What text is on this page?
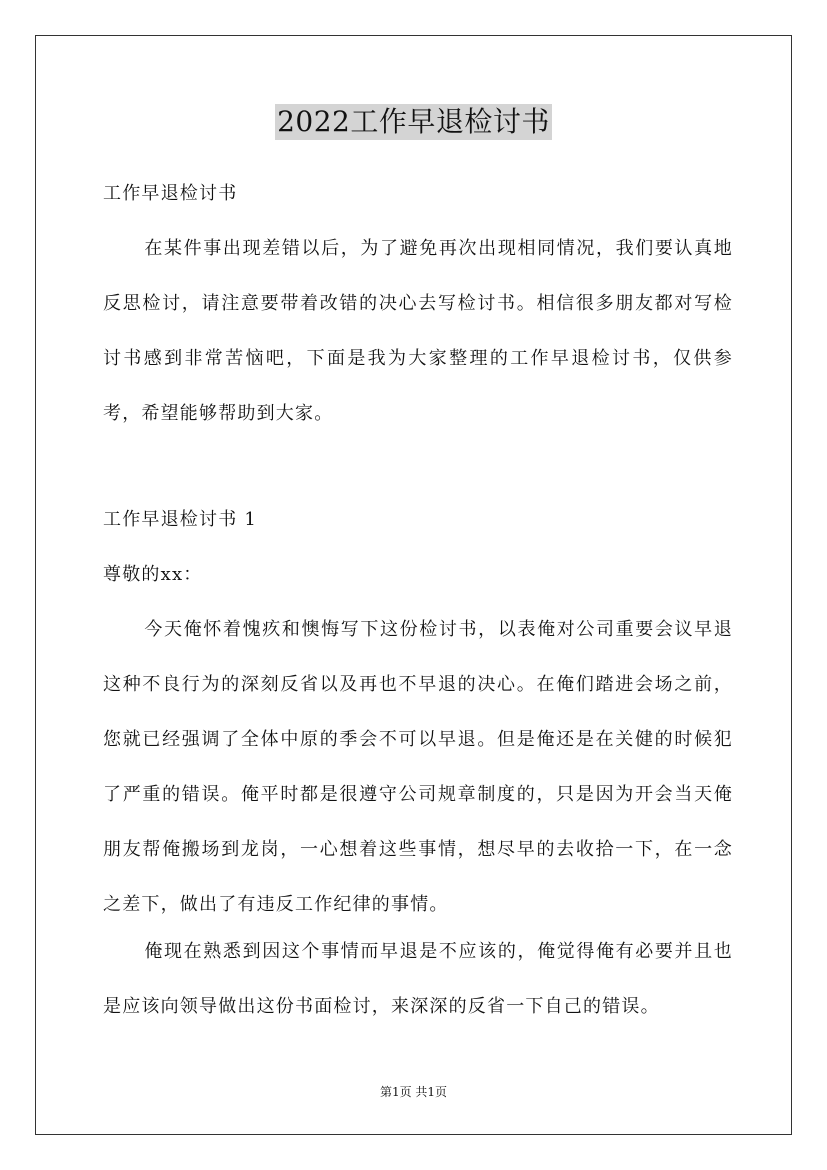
2022工作早退检讨书

工作早退检讨书

在某件事出现差错以后，为了避免再次出现相同情况，我们要认真地反思检讨，请注意要带着改错的决心去写检讨书。相信很多朋友都对写检讨书感到非常苦恼吧，下面是我为大家整理的工作早退检讨书，仅供参考，希望能够帮助到大家。

工作早退检讨书 1

尊敬的xx：

今天俺怀着愧疚和懊悔写下这份检讨书，以表俺对公司重要会议早退这种不良行为的深刻反省以及再也不早退的决心。在俺们踏进会场之前，您就已经强调了全体中原的季会不可以早退。但是俺还是在关健的时候犯了严重的错误。俺平时都是很遵守公司规章制度的，只是因为开会当天俺朋友帮俺搬场到龙岗，一心想着这些事情，想尽早的去收拾一下，在一念之差下，做出了有违反工作纪律的事情。

俺现在熟悉到因这个事情而早退是不应该的，俺觉得俺有必要并且也是应该向领导做出这份书面检讨，来深深的反省一下自己的错误。

第1页 共1页
